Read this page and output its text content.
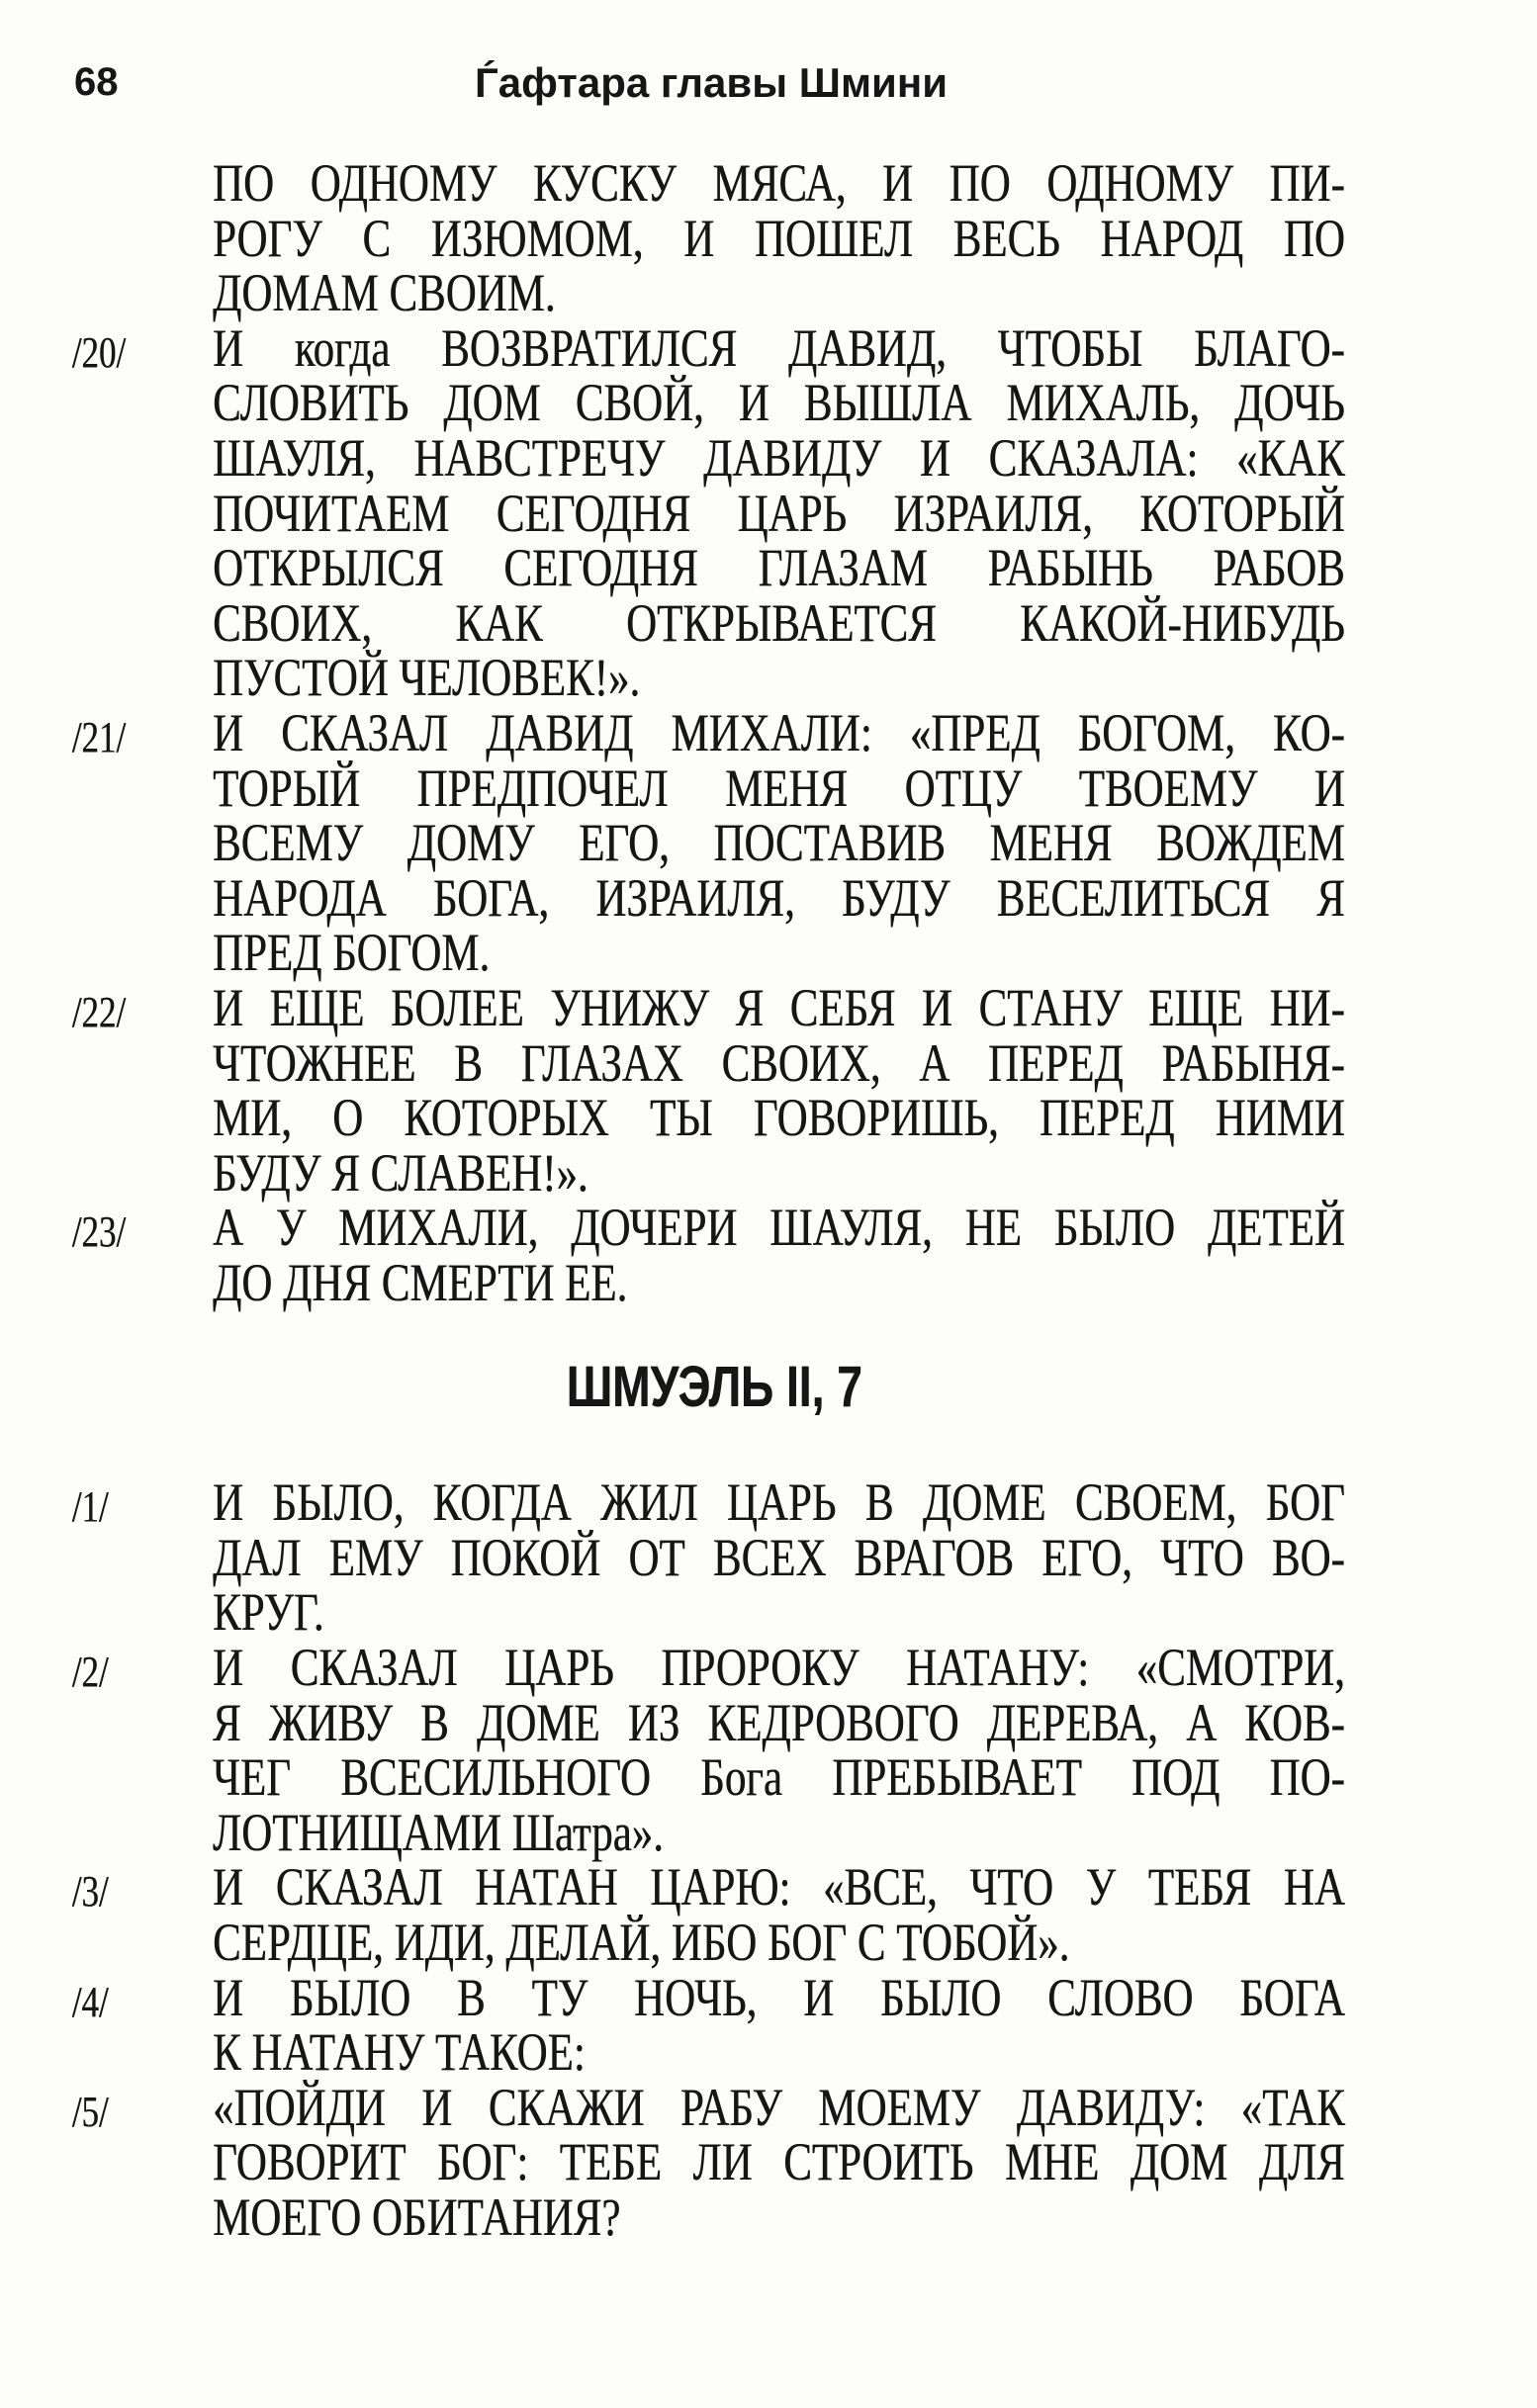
68	Ѓафтара главы Шмини
ПО ОДНОМУ КУСКУ МЯСА, И ПО ОДНОМУ ПИ-
РОГУ С ИЗЮМОМ, И ПОШЕЛ ВЕСЬ НАРОД ПО
ДОМАМ СВОИМ.
/20/ И когда ВОЗВРАТИЛСЯ ДАВИД, ЧТОБЫ БЛАГО-
СЛОВИТЬ ДОМ СВОЙ, И ВЫШЛА МИХАЛЬ, ДОЧЬ
ШАУЛЯ, НАВСТРЕЧУ ДАВИДУ И СКАЗАЛА: «КАК
ПОЧИТАЕМ СЕГОДНЯ ЦАРЬ ИЗРАИЛЯ, КОТОРЫЙ
ОТКРЫЛСЯ СЕГОДНЯ ГЛАЗАМ РАБЫНЬ РАБОВ
СВОИХ, КАК ОТКРЫВАЕТСЯ КАКОЙ-НИБУДЬ
ПУСТОЙ ЧЕЛОВЕК!».
/21/ И СКАЗАЛ ДАВИД МИХАЛИ: «ПРЕД БОГОМ, КО-
ТОРЫЙ ПРЕДПОЧЕЛ МЕНЯ ОТЦУ ТВОЕМУ И
ВСЕМУ ДОМУ ЕГО, ПОСТАВИВ МЕНЯ ВОЖДЕМ
НАРОДА БОГА, ИЗРАИЛЯ, БУДУ ВЕСЕЛИТЬСЯ Я
ПРЕД БОГОМ.
/22/ И ЕЩЕ БОЛЕЕ УНИЖУ Я СЕБЯ И СТАНУ ЕЩЕ НИ-
ЧТОЖНЕЕ В ГЛАЗАХ СВОИХ, А ПЕРЕД РАБЫНЯ-
МИ, О КОТОРЫХ ТЫ ГОВОРИШЬ, ПЕРЕД НИМИ
БУДУ Я СЛАВЕН!».
/23/ А У МИХАЛИ, ДОЧЕРИ ШАУЛЯ, НЕ БЫЛО ДЕТЕЙ
ДО ДНЯ СМЕРТИ ЕЕ.
ШМУЭЛЬ II, 7
/1/ И БЫЛО, КОГДА ЖИЛ ЦАРЬ В ДОМЕ СВОЕМ, БОГ
ДАЛ ЕМУ ПОКОЙ ОТ ВСЕХ ВРАГОВ ЕГО, ЧТО ВО-
КРУГ.
/2/ И СКАЗАЛ ЦАРЬ ПРОРОКУ НАТАНУ: «СМОТРИ,
Я ЖИВУ В ДОМЕ ИЗ КЕДРОВОГО ДЕРЕВА, А КОВ-
ЧЕГ ВСЕСИЛЬНОГО Бога ПРЕБЫВАЕТ ПОД ПО-
ЛОТНИЩАМИ Шатра».
/3/ И СКАЗАЛ НАТАН ЦАРЮ: «ВСЕ, ЧТО У ТЕБЯ НА
СЕРДЦЕ, ИДИ, ДЕЛАЙ, ИБО БОГ С ТОБОЙ».
/4/ И БЫЛО В ТУ НОЧЬ, И БЫЛО СЛОВО БОГА
К НАТАНУ ТАКОЕ:
/5/ «ПОЙДИ И СКАЖИ РАБУ МОЕМУ ДАВИДУ: «ТАК
ГОВОРИТ БОГ: ТЕБЕ ЛИ СТРОИТЬ МНЕ ДОМ ДЛЯ
МОЕГО ОБИТАНИЯ?
